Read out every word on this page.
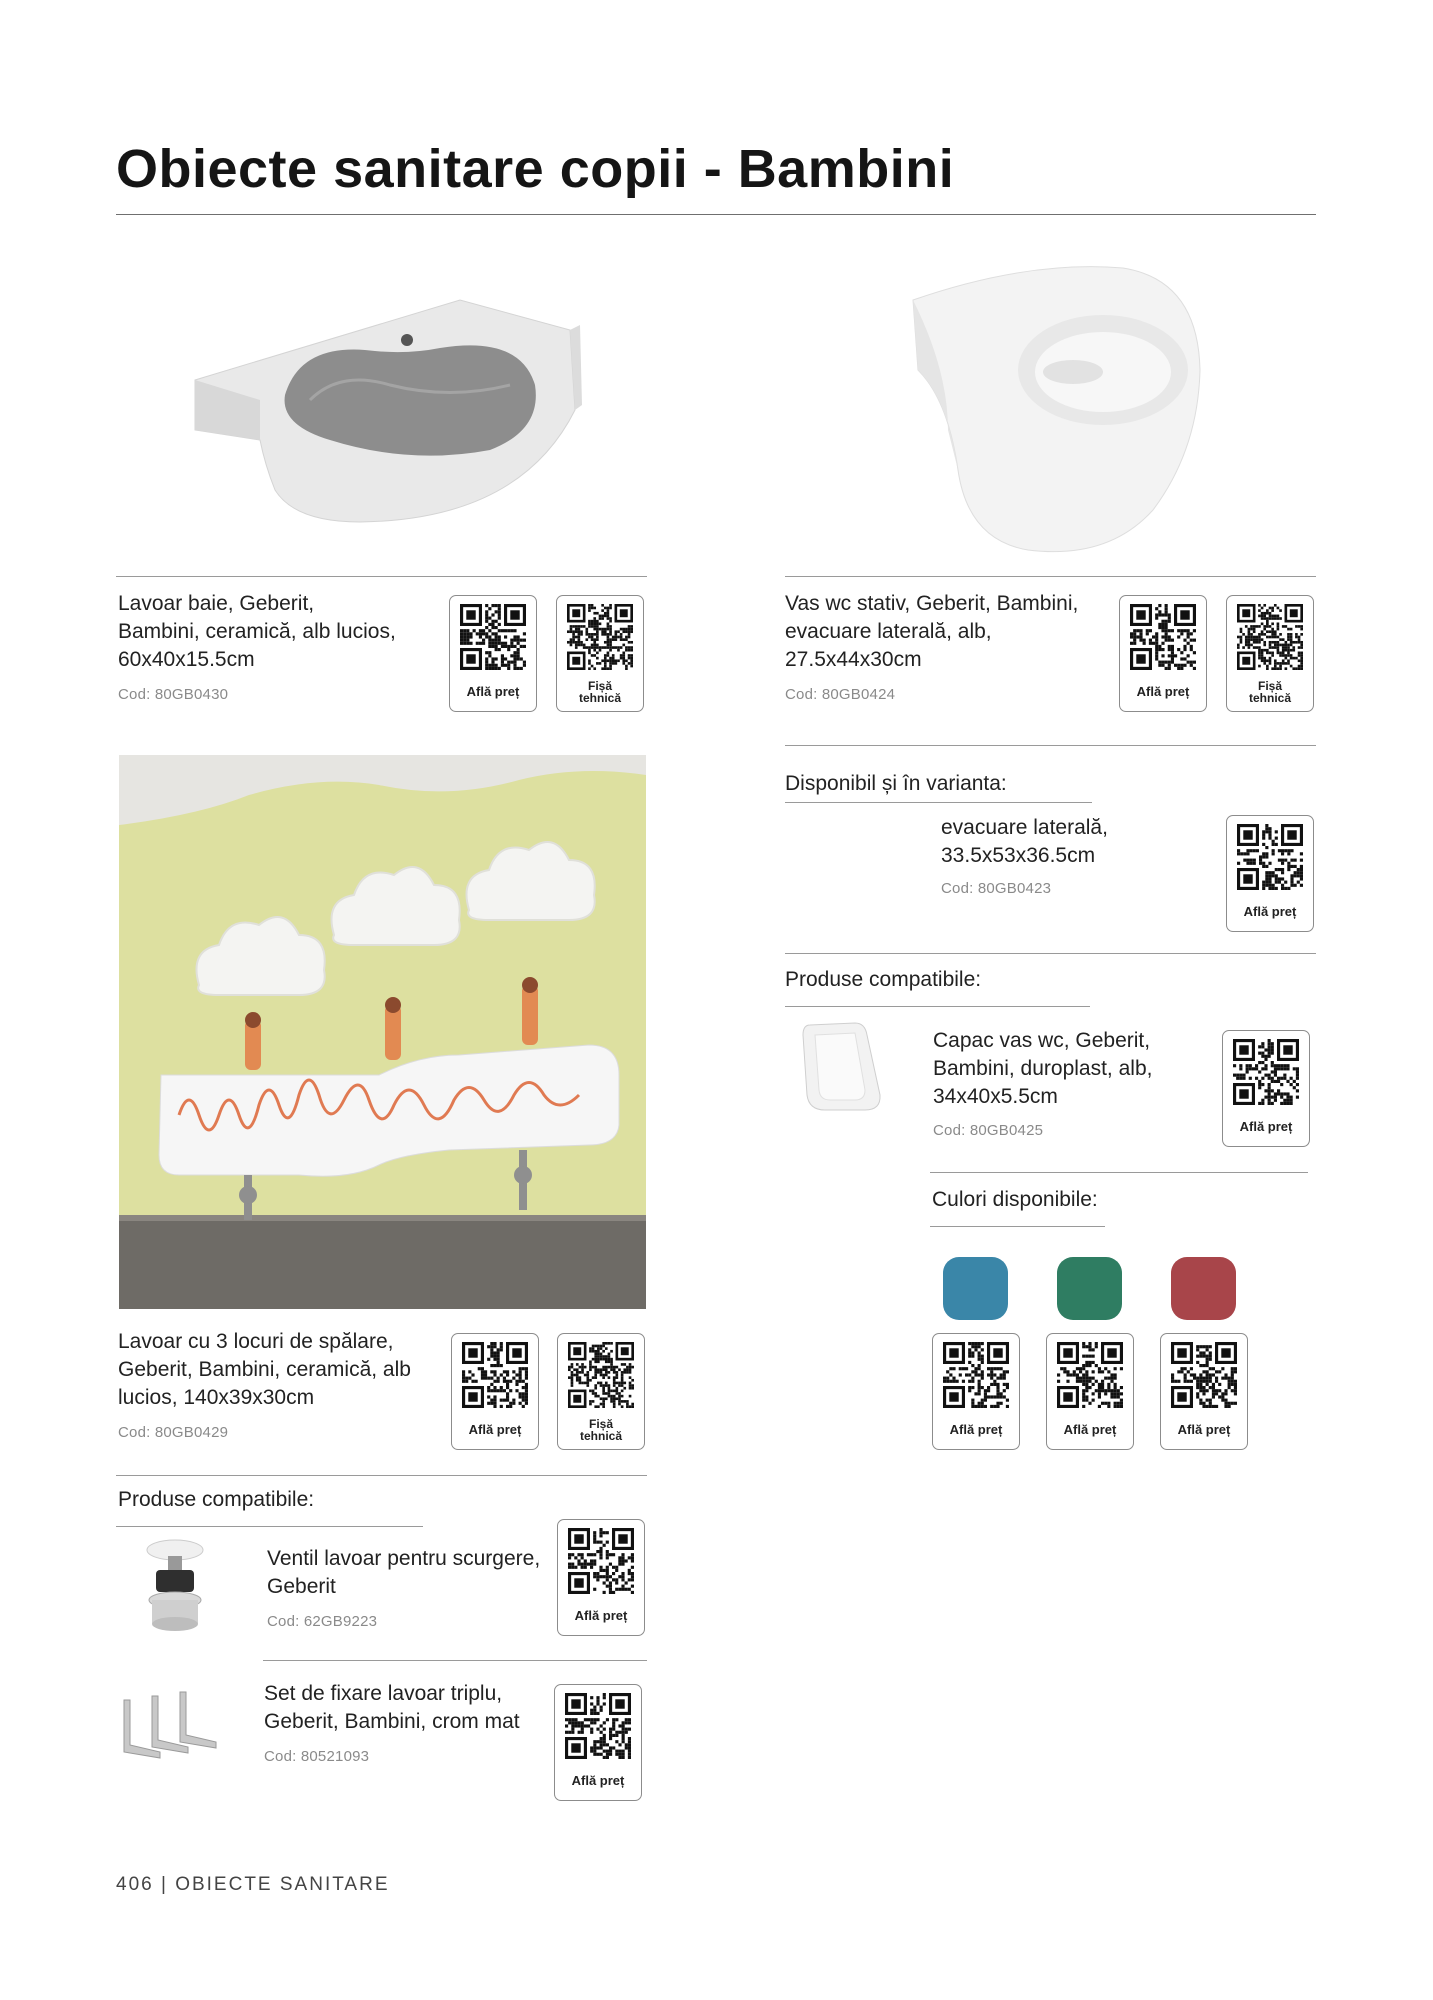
Obiecte sanitare copii - Bambini
Lavoar baie, Geberit,
Bambini, ceramică, alb lucios,
60x40x15.5cm
Cod: 80GB0430	Află preț	Fișă
tehnică
Vas wc stativ, Geberit, Bambini,
evacuare laterală, alb,
27.5x44x30cm
Cod: 80GB0424	Află preț	Fișă
tehnică
Lavoar cu 3 locuri de spălare,
Geberit, Bambini, ceramică, alb
lucios, 140x39x30cm
Cod: 80GB0429	Află preț	Fișă
tehnică
Produse compatibile:
Ventil lavoar pentru scurgere,
Geberit
Cod: 62GB9223	Află preț
Set de fixare lavoar triplu,
Geberit, Bambini, crom mat
Cod: 80521093
Află preț
Disponibil și în varianta:
evacuare laterală,
33.5x53x36.5cm
Cod: 80GB0423
Află preț
Produse compatibile:
Capac vas wc, Geberit,
Bambini, duroplast, alb,
34x40x5.5cm
Cod: 80GB0425	Află preț
Culori disponibile:
Află preț	Află preț	Află preț
406 | OBIECTE SANITARE
